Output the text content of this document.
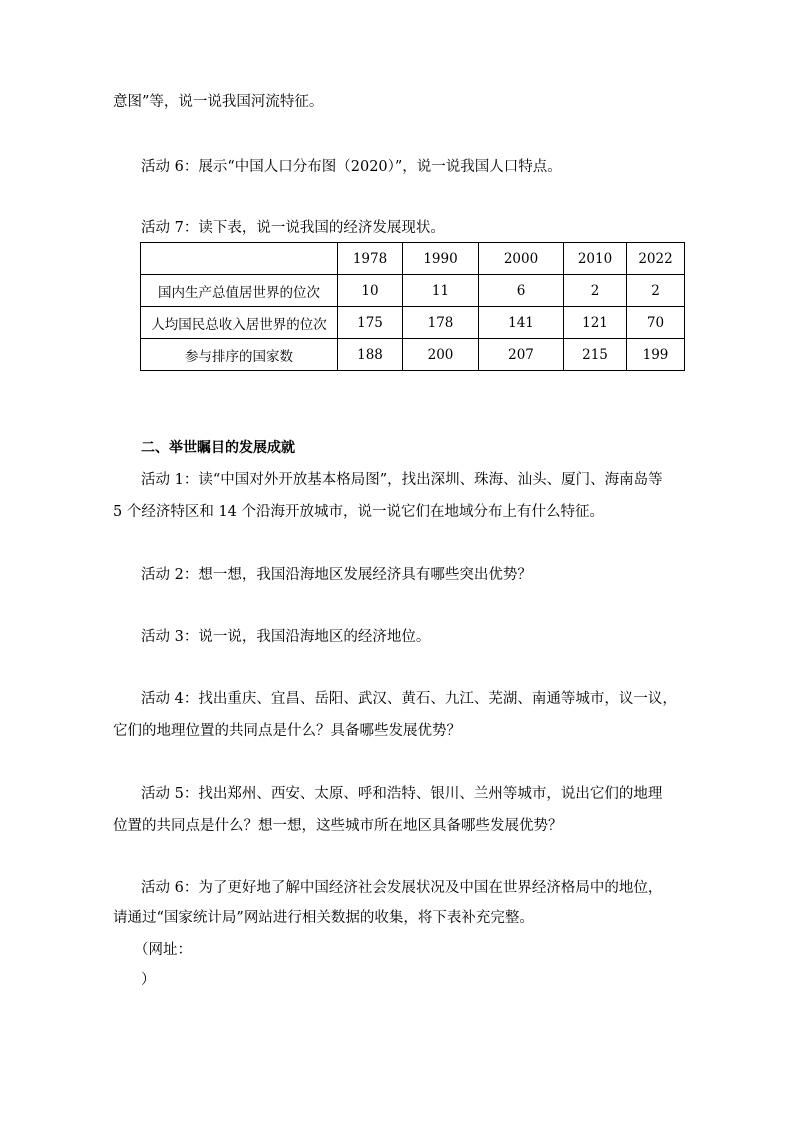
意图”等，说一说我国河流特征。
活动 6：展示“中国人口分布图（2020）”，说一说我国人口特点。
活动 7：读下表，说一说我国的经济发展现状。
	1978	1990	2000	2010	2022
国内生产总值居世界的位次	10	11	6	2	2
人均国民总收入居世界的位次	175	178	141	121	70
参与排序的国家数	188	200	207	215	199
二、举世瞩目的发展成就
活动 1：读“中国对外开放基本格局图”，找出深圳、珠海、汕头、厦门、海南岛等
5 个经济特区和 14 个沿海开放城市，说一说它们在地域分布上有什么特征。
活动 2：想一想，我国沿海地区发展经济具有哪些突出优势？
活动 3：说一说，我国沿海地区的经济地位。
活动 4：找出重庆、宜昌、岳阳、武汉、黄石、九江、芜湖、南通等城市，议一议，
它们的地理位置的共同点是什么？具备哪些发展优势？
活动 5：找出郑州、西安、太原、呼和浩特、银川、兰州等城市，说出它们的地理
位置的共同点是什么？想一想，这些城市所在地区具备哪些发展优势？
活动 6：为了更好地了解中国经济社会发展状况及中国在世界经济格局中的地位，
请通过“国家统计局”网站进行相关数据的收集，将下表补充完整。
（网址：
）
